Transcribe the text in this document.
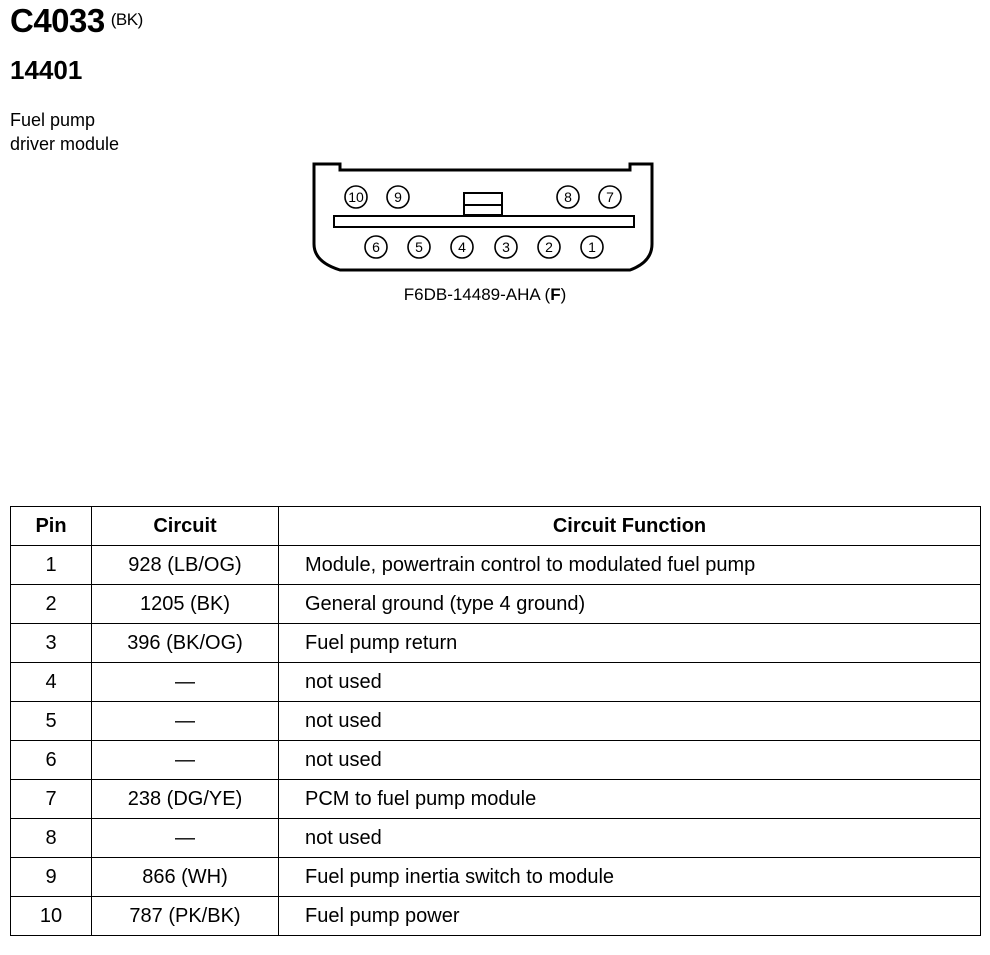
C4033 $^{(BK)}$
14401
Fuel pump
driver module
10 9	8 7
6	5	4	3	2	1
F6DB-14489-AHA (F)
Pin	Circuit	Circuit Function
1	928 (LB/OG)	Module, powertrain control to modulated fuel pump
2	1205 (BK)	General ground (type 4 ground)
3	396 (BK/OG)	Fuel pump return
4	—	not used
5	—	not used
6	—	not used
7	238 (DG/YE)	PCM to fuel pump module
8	—	not used
9	866 (WH)	Fuel pump inertia switch to module
10	787 (PK/BK)	Fuel pump power
